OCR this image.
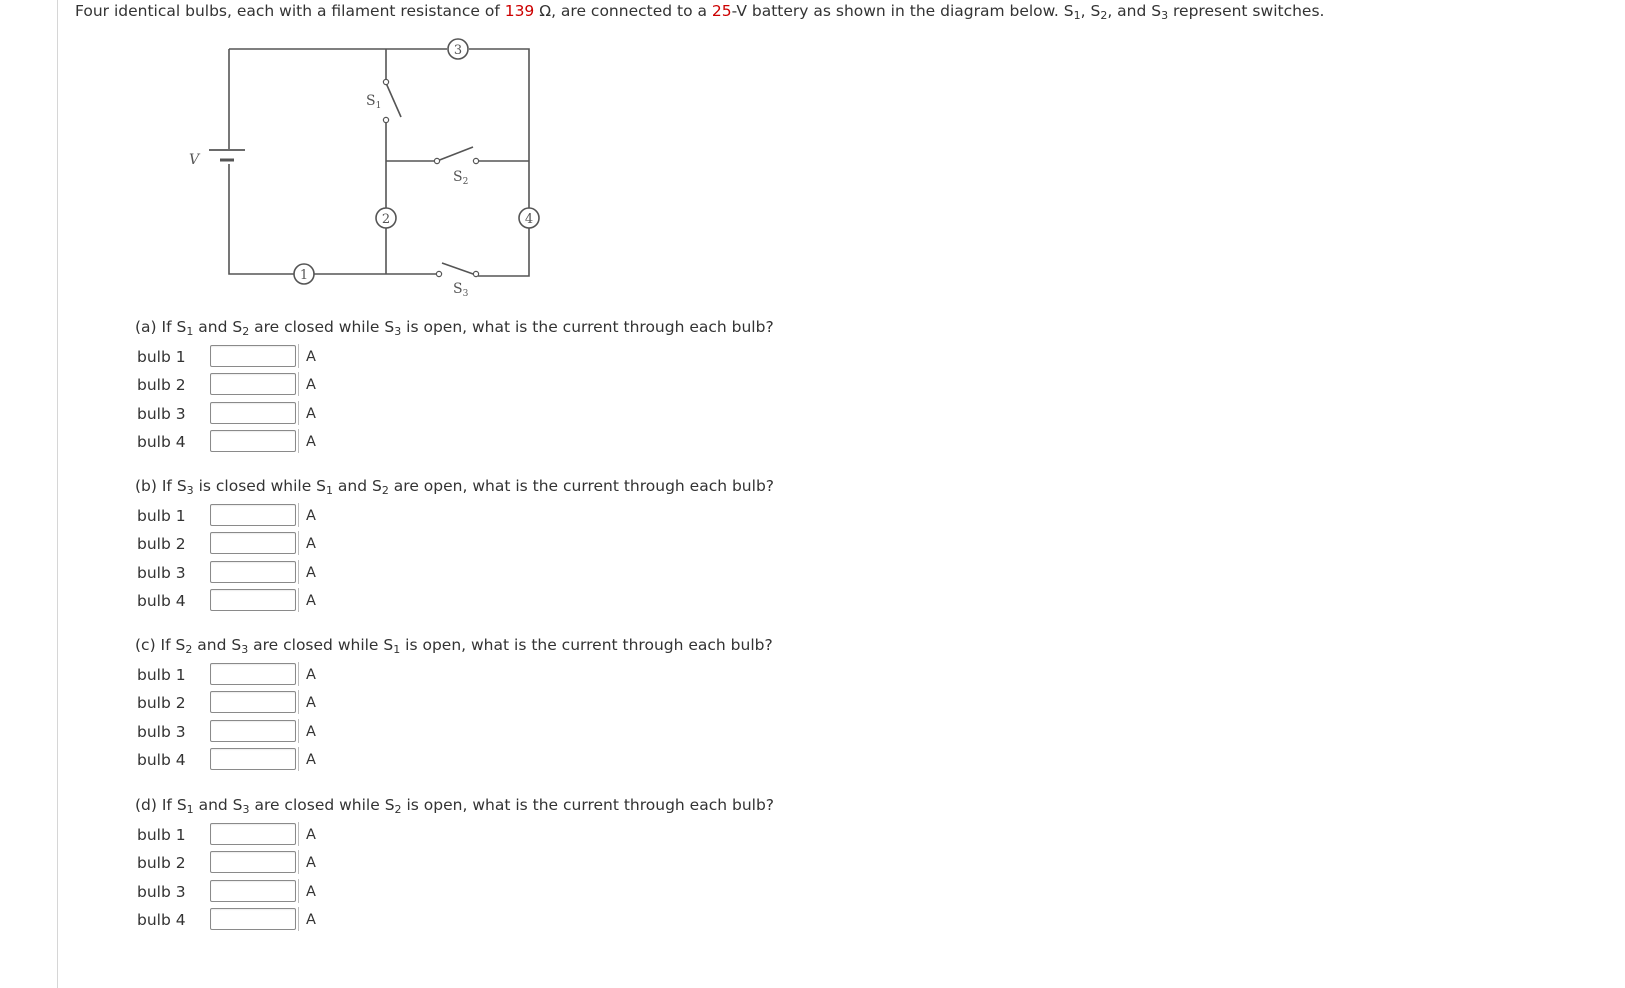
Four identical bulbs, each with a filament resistance of 139 Ω, are connected to a 25-V battery as shown in the diagram below. $S_1$, $S_2$, and $S_3$ represent switches.
3
2	4
1
V
$S_1$
$S_2$
$S_3$
(a) If $S_1$ and $S_2$ are closed while $S_3$ is open, what is the current through each bulb?
bulb 1	A
bulb 2	A
bulb 3	A
bulb 4	A
(b) If $S_3$ is closed while $S_1$ and $S_2$ are open, what is the current through each bulb?
bulb 1	A
bulb 2	A
bulb 3	A
bulb 4	A
(c) If $S_2$ and $S_3$ are closed while $S_1$ is open, what is the current through each bulb?
bulb 1	A
bulb 2	A
bulb 3	A
bulb 4	A
(d) If $S_1$ and $S_3$ are closed while $S_2$ is open, what is the current through each bulb?
bulb 1	A
bulb 2	A
bulb 3	A
bulb 4	A
